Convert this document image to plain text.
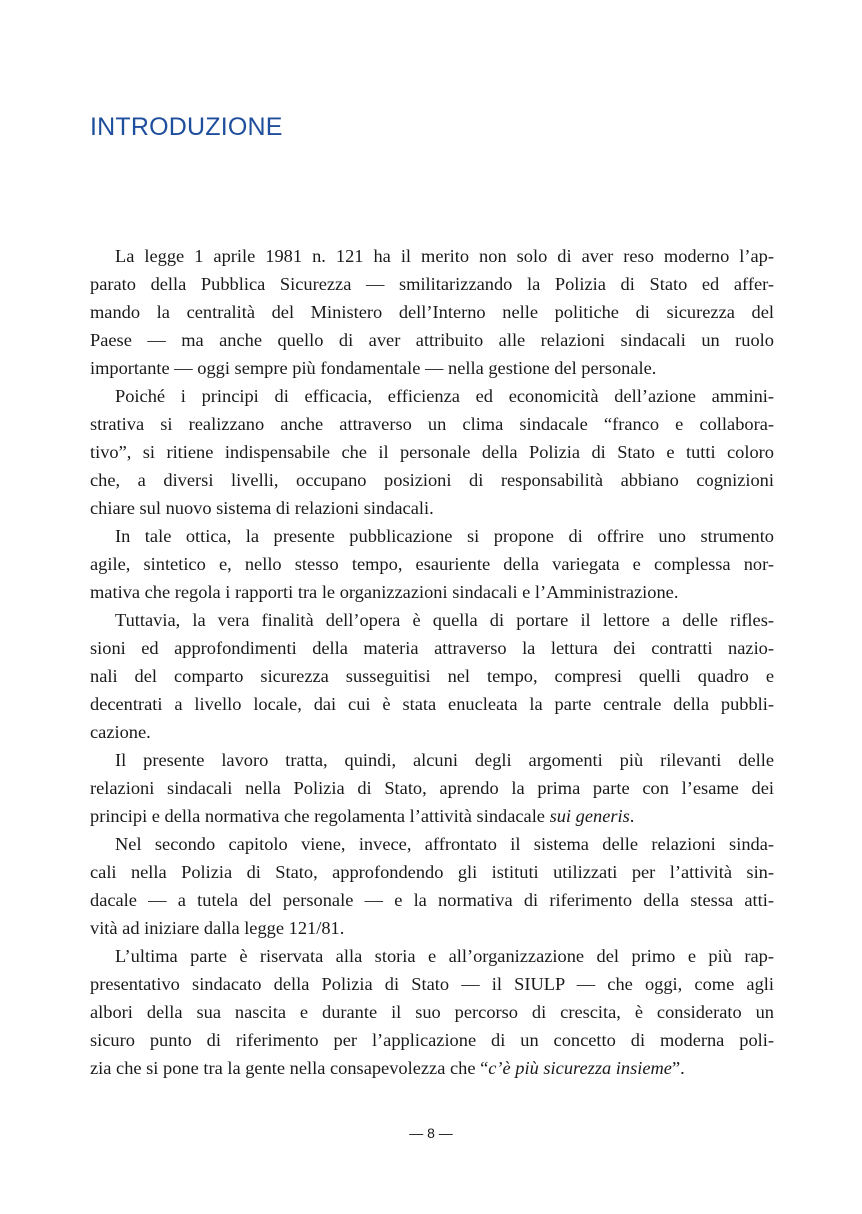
INTRODUZIONE
La legge 1 aprile 1981 n. 121 ha il merito non solo di aver reso moderno l’ap-
parato della Pubblica Sicurezza — smilitarizzando la Polizia di Stato ed affer-
mando la centralità del Ministero dell’Interno nelle politiche di sicurezza del
Paese — ma anche quello di aver attribuito alle relazioni sindacali un ruolo
importante — oggi sempre più fondamentale — nella gestione del personale.
Poiché i principi di efficacia, efficienza ed economicità dell’azione ammini-
strativa si realizzano anche attraverso un clima sindacale “franco e collabora-
tivo”, si ritiene indispensabile che il personale della Polizia di Stato e tutti coloro
che, a diversi livelli, occupano posizioni di responsabilità abbiano cognizioni
chiare sul nuovo sistema di relazioni sindacali.
In tale ottica, la presente pubblicazione si propone di offrire uno strumento
agile, sintetico e, nello stesso tempo, esauriente della variegata e complessa nor-
mativa che regola i rapporti tra le organizzazioni sindacali e l’Amministrazione.
Tuttavia, la vera finalità dell’opera è quella di portare il lettore a delle rifles-
sioni ed approfondimenti della materia attraverso la lettura dei contratti nazio-
nali del comparto sicurezza susseguitisi nel tempo, compresi quelli quadro e
decentrati a livello locale, dai cui è stata enucleata la parte centrale della pubbli-
cazione.
Il presente lavoro tratta, quindi, alcuni degli argomenti più rilevanti delle
relazioni sindacali nella Polizia di Stato, aprendo la prima parte con l’esame dei
principi e della normativa che regolamenta l’attività sindacale sui generis.
Nel secondo capitolo viene, invece, affrontato il sistema delle relazioni sinda-
cali nella Polizia di Stato, approfondendo gli istituti utilizzati per l’attività sin-
dacale — a tutela del personale — e la normativa di riferimento della stessa atti-
vità ad iniziare dalla legge 121/81.
L’ultima parte è riservata alla storia e all’organizzazione del primo e più rap-
presentativo sindacato della Polizia di Stato — il SIULP — che oggi, come agli
albori della sua nascita e durante il suo percorso di crescita, è considerato un
sicuro punto di riferimento per l’applicazione di un concetto di moderna poli-
zia che si pone tra la gente nella consapevolezza che “c’è più sicurezza insieme”.
— 8 —
